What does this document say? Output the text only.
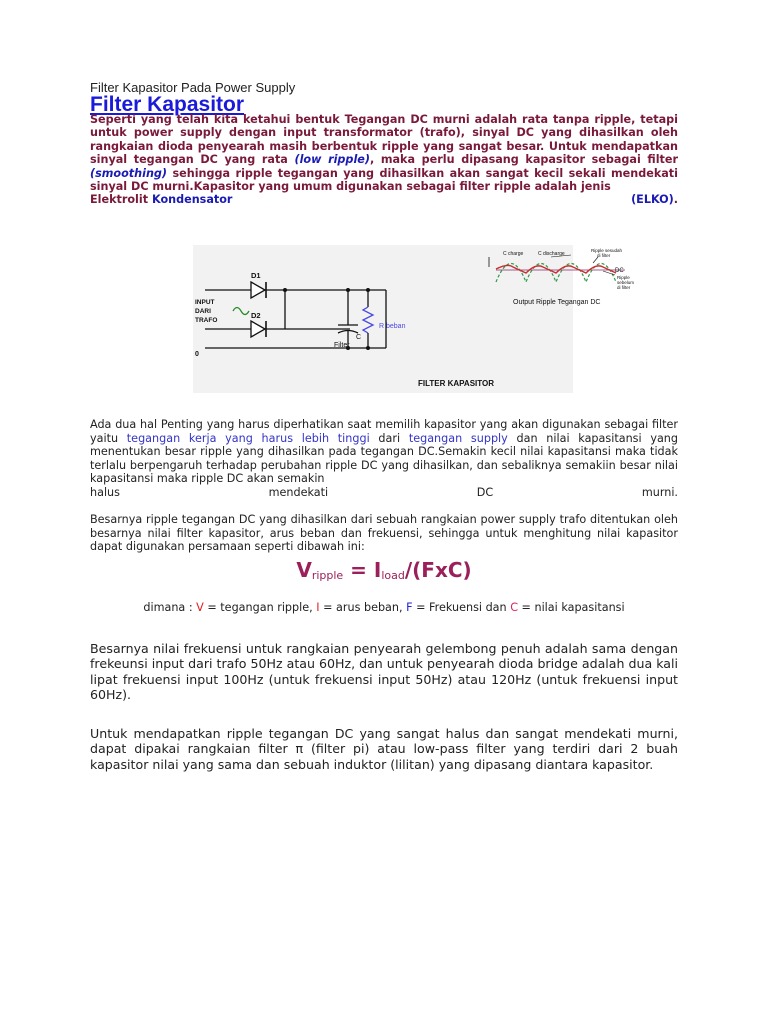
Filter Kapasitor Pada Power Supply
Filter Kapasitor
Seperti yang telah kita ketahui bentuk Tegangan DC murni adalah rata tanpa ripple, tetapi untuk power supply dengan input transformator (trafo), sinyal DC yang dihasilkan oleh rangkaian dioda penyearah masih berbentuk ripple yang sangat besar. Untuk mendapatkan sinyal tegangan DC yang rata (low ripple), maka perlu dipasang kapasitor sebagai filter (smoothing) sehingga ripple tegangan yang dihasilkan akan sangat kecil sekali mendekati sinyal DC murni.Kapasitor yang umum digunakan sebagai filter ripple adalah jenis
Elektrolit Kondensator	(ELKO).
D1
D2
INPUT
DARI
TRAFO
0
C
Filter
R beban
FILTER KAPASITOR
C charge	C discharge
Ripple sesudah
di filter
DC
Ripple
sebelum
di filter
Output Ripple Tegangan DC
Ada dua hal Penting yang harus diperhatikan saat memilih kapasitor yang akan digunakan sebagai filter yaitu tegangan kerja yang harus lebih tinggi dari tegangan supply dan nilai kapasitansi yang menentukan besar ripple yang dihasilkan pada tegangan DC.Semakin kecil nilai kapasitansi maka tidak terlalu berpengaruh terhadap perubahan ripple DC yang dihasilkan, dan sebaliknya semakiin besar nilai kapasitansi maka ripple DC akan semakin
halus	mendekati	DC	murni.
Besarnya ripple tegangan DC yang dihasilkan dari sebuah rangkaian power supply trafo ditentukan oleh besarnya nilai filter kapasitor, arus beban dan frekuensi, sehingga untuk menghitung nilai kapasitor dapat digunakan persamaan seperti dibawah ini:
$V_{ripple} = I_{load}/(FxC)$
dimana : V = tegangan ripple, I = arus beban, F = Frekuensi dan C = nilai kapasitansi
Besarnya nilai frekuensi untuk rangkaian penyearah gelembong penuh adalah sama dengan frekeunsi input dari trafo 50Hz atau 60Hz, dan untuk penyearah dioda bridge adalah dua kali lipat frekuensi input 100Hz (untuk frekuensi input 50Hz) atau 120Hz (untuk frekuensi input 60Hz).
Untuk mendapatkan ripple tegangan DC yang sangat halus dan sangat mendekati murni, dapat dipakai rangkaian filter π (filter pi) atau low-pass filter yang terdiri dari 2 buah kapasitor nilai yang sama dan sebuah induktor (lilitan) yang dipasang diantara kapasitor.
